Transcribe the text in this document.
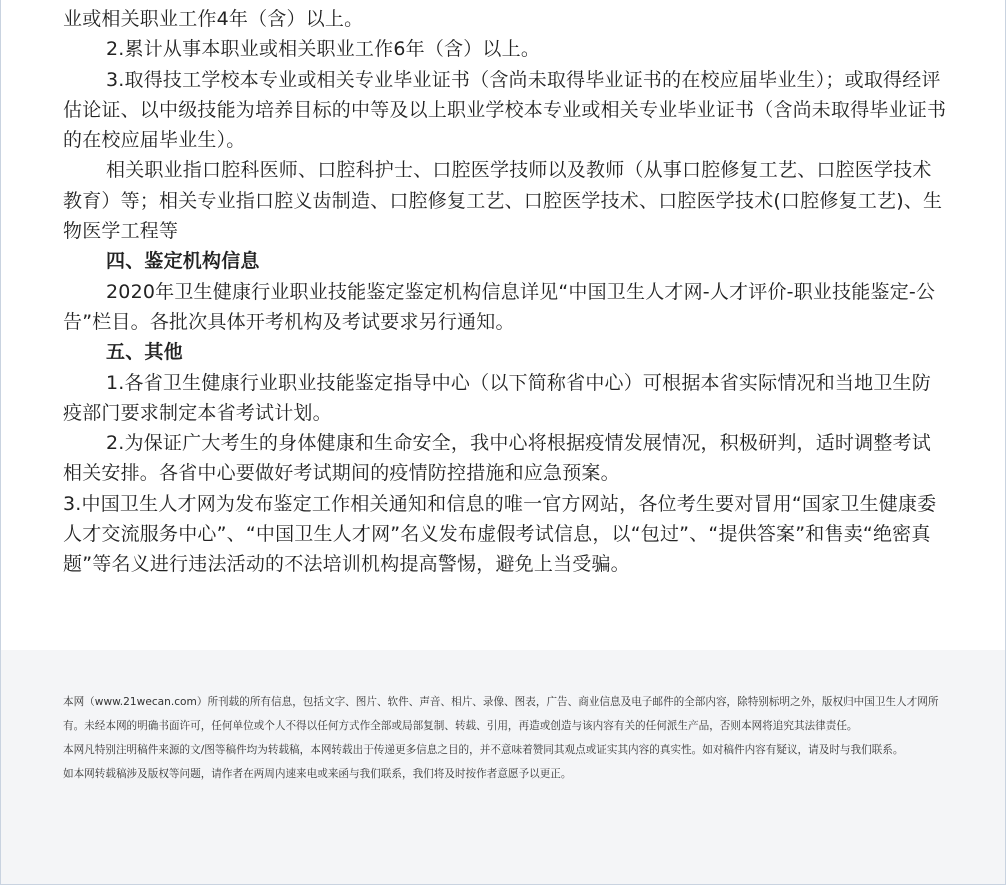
业或相关职业工作4年（含）以上。

2.累计从事本职业或相关职业工作6年（含）以上。

3.取得技工学校本专业或相关专业毕业证书（含尚未取得毕业证书的在校应届毕业生）；或取得经评估论证、以中级技能为培养目标的中等及以上职业学校本专业或相关专业毕业证书（含尚未取得毕业证书的在校应届毕业生）。

相关职业指口腔科医师、口腔科护士、口腔医学技师以及教师（从事口腔修复工艺、口腔医学技术教育）等；相关专业指口腔义齿制造、口腔修复工艺、口腔医学技术、口腔医学技术(口腔修复工艺)、生物医学工程等

四、鉴定机构信息

2020年卫生健康行业职业技能鉴定鉴定机构信息详见“中国卫生人才网-人才评价-职业技能鉴定-公告”栏目。各批次具体开考机构及考试要求另行通知。

五、其他

1.各省卫生健康行业职业技能鉴定指导中心（以下简称省中心）可根据本省实际情况和当地卫生防疫部门要求制定本省考试计划。

2.为保证广大考生的身体健康和生命安全，我中心将根据疫情发展情况，积极研判，适时调整考试相关安排。各省中心要做好考试期间的疫情防控措施和应急预案。

3.中国卫生人才网为发布鉴定工作相关通知和信息的唯一官方网站，各位考生要对冒用“国家卫生健康委人才交流服务中心”、“中国卫生人才网”名义发布虚假考试信息，以“包过”、“提供答案”和售卖“绝密真题”等名义进行违法活动的不法培训机构提高警惕，避免上当受骗。

本网（www.21wecan.com）所刊载的所有信息，包括文字、图片、软件、声音、相片、录像、图表，广告、商业信息及电子邮件的全部内容，除特别标明之外，版权归中国卫生人才网所有。未经本网的明确书面许可，任何单位或个人不得以任何方式作全部或局部复制、转载、引用，再造或创造与该内容有关的任何派生产品，否则本网将追究其法律责任。

本网凡特别注明稿件来源的文/图等稿件均为转载稿，本网转载出于传递更多信息之目的，并不意味着赞同其观点或证实其内容的真实性。如对稿件内容有疑议，请及时与我们联系。

如本网转载稿涉及版权等问题，请作者在两周内速来电或来函与我们联系，我们将及时按作者意愿予以更正。
